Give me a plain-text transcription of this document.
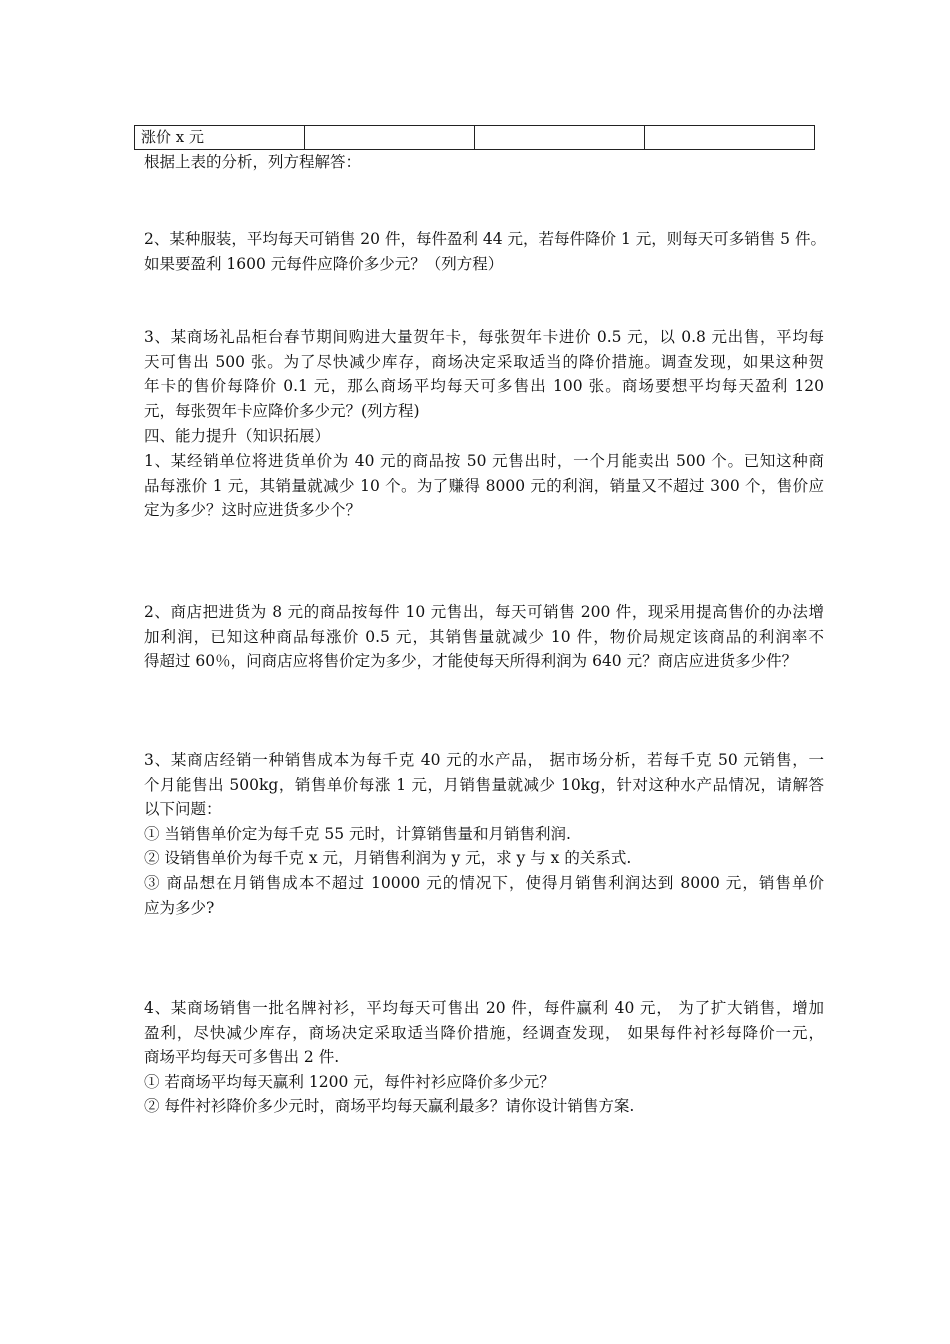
涨价 x 元			
根据上表的分析，列方程解答：
2、某种服装，平均每天可销售 20 件，每件盈利 44 元，若每件降价 1 元，则每天可多销售 5 件。
如果要盈利 1600 元每件应降价多少元？（列方程）
3、某商场礼品柜台春节期间购进大量贺年卡，每张贺年卡进价 0.5 元，以 0.8 元出售，平均每
天可售出 500 张。为了尽快减少库存，商场决定采取适当的降价措施。调查发现，如果这种贺
年卡的售价每降价 0.1 元，那么商场平均每天可多售出 100 张。商场要想平均每天盈利 120
元，每张贺年卡应降价多少元？(列方程)
四、能力提升（知识拓展）
1、某经销单位将进货单价为 40 元的商品按 50 元售出时，一个月能卖出 500 个。已知这种商
品每涨价 1 元，其销量就减少 10 个。为了赚得 8000 元的利润，销量又不超过 300 个，售价应
定为多少？这时应进货多少个？
2、商店把进货为 8 元的商品按每件 10 元售出，每天可销售 200 件，现采用提高售价的办法增
加利润，已知这种商品每涨价 0.5 元，其销售量就减少 10 件，物价局规定该商品的利润率不
得超过 60％，问商店应将售价定为多少，才能使每天所得利润为 640 元？商店应进货多少件？
3、某商店经销一种销售成本为每千克 40 元的水产品， 据市场分析，若每千克 50 元销售，一
个月能售出 500kg，销售单价每涨 1 元，月销售量就减少 10kg，针对这种水产品情况，请解答
以下问题：
① 当销售单价定为每千克 55 元时，计算销售量和月销售利润.
② 设销售单价为每千克 x 元，月销售利润为 y 元，求 y 与 x 的关系式.
③ 商品想在月销售成本不超过 10000 元的情况下，使得月销售利润达到 8000 元，销售单价
应为多少?
4、某商场销售一批名牌衬衫，平均每天可售出 20 件，每件赢利 40 元， 为了扩大销售，增加
盈利，尽快减少库存，商场决定采取适当降价措施，经调查发现， 如果每件衬衫每降价一元，
商场平均每天可多售出 2 件.
① 若商场平均每天赢利 1200 元，每件衬衫应降价多少元？
② 每件衬衫降价多少元时，商场平均每天赢利最多？请你设计销售方案.
